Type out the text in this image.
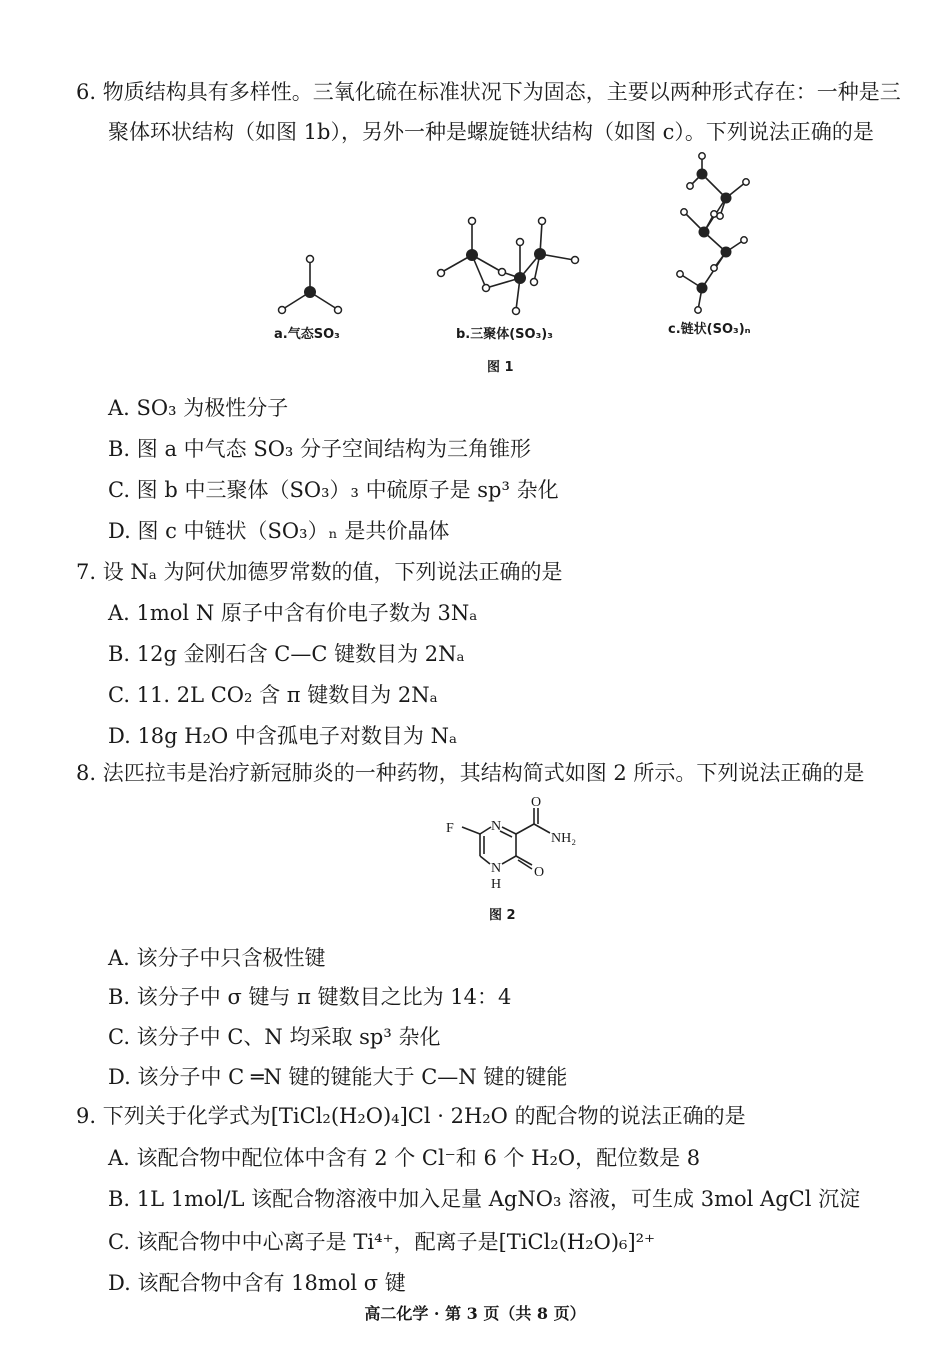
6. 物质结构具有多样性。三氧化硫在标准状况下为固态，主要以两种形式存在：一种是三
聚体环状结构（如图 1b），另外一种是螺旋链状结构（如图 c）。下列说法正确的是
a.气态SO₃	b.三聚体(SO₃)₃	c.链状(SO₃)ₙ
图 1
A. SO₃ 为极性分子
B. 图 a 中气态 SO₃ 分子空间结构为三角锥形
C. 图 b 中三聚体（SO₃）₃ 中硫原子是 sp³ 杂化
D. 图 c 中链状（SO₃）ₙ 是共价晶体
7. 设 Nₐ 为阿伏加德罗常数的值，下列说法正确的是
A. 1mol N 原子中含有价电子数为 3Nₐ
B. 12g 金刚石含 C—C 键数目为 2Nₐ
C. 11. 2L CO₂ 含 π 键数目为 2Nₐ
D. 18g H₂O 中含孤电子对数目为 Nₐ
8. 法匹拉韦是治疗新冠肺炎的一种药物，其结构简式如图 2 所示。下列说法正确的是
F	N
N
H
O
O
NH₂
图 2
A. 该分子中只含极性键
B. 该分子中 σ 键与 π 键数目之比为 14：4
C. 该分子中 C、N 均采取 sp³ 杂化
D. 该分子中 C ═N 键的键能大于 C—N 键的键能
9. 下列关于化学式为[TiCl₂(H₂O)₄]Cl · 2H₂O 的配合物的说法正确的是
A. 该配合物中配位体中含有 2 个 Cl⁻和 6 个 H₂O，配位数是 8
B. 1L 1mol/L 该配合物溶液中加入足量 AgNO₃ 溶液，可生成 3mol AgCl 沉淀
C. 该配合物中中心离子是 Ti⁴⁺，配离子是[TiCl₂(H₂O)₆]²⁺
D. 该配合物中含有 18mol σ 键
高二化学 · 第 3 页（共 8 页）
